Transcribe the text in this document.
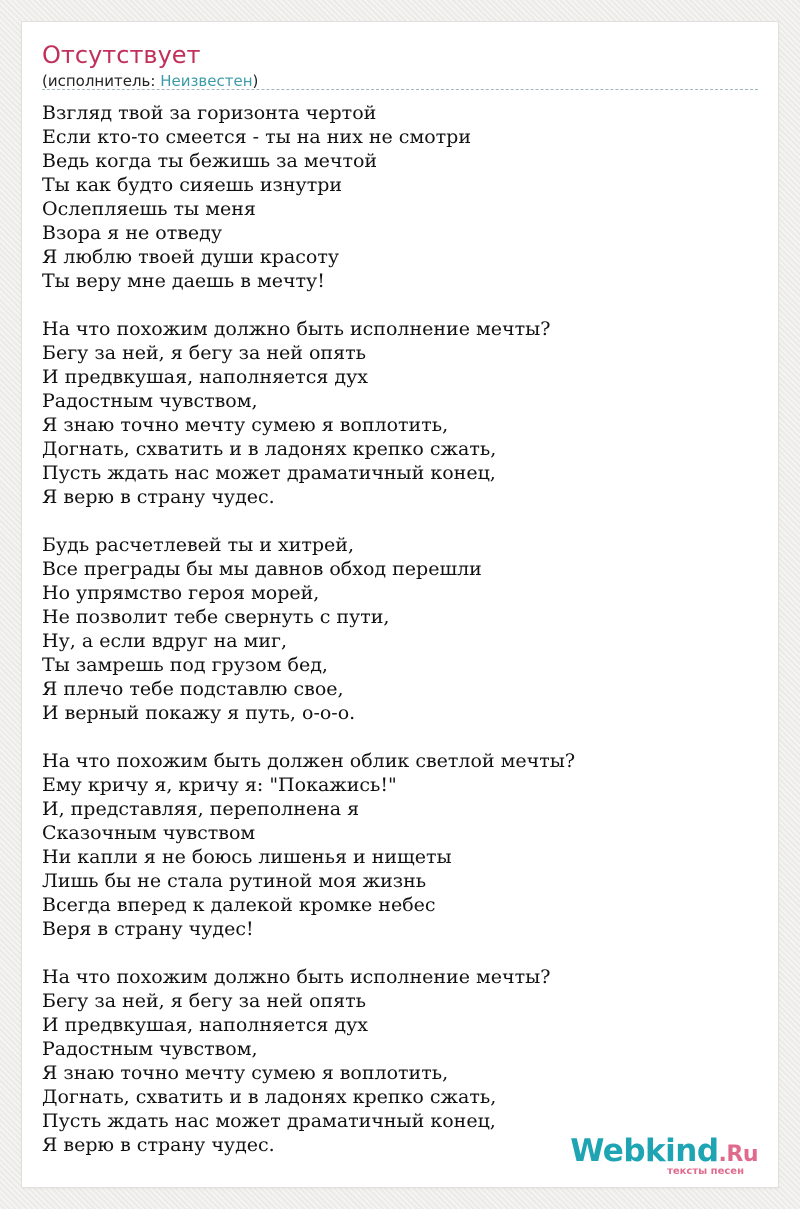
Отсутствует
(исполнитель: Неизвестен)
Взгляд твой за горизонта чертой
Если кто-то смеется - ты на них не смотри
Ведь когда ты бежишь за мечтой
Ты как будто сияешь изнутри
Ослепляешь ты меня
Взора я не отведу
Я люблю твоей души красоту
Ты веру мне даешь в мечту!
На что похожим должно быть исполнение мечты?
Бегу за ней, я бегу за ней опять
И предвкушая, наполняется дух
Радостным чувством,
Я знаю точно мечту сумею я воплотить,
Догнать, схватить и в ладонях крепко сжать,
Пусть ждать нас может драматичный конец,
Я верю в страну чудес.
Будь расчетлевей ты и хитрей,
Все преграды бы мы давнов обход перешли
Но упрямство героя морей,
Не позволит тебе свернуть с пути,
Ну, а если вдруг на миг,
Ты замрешь под грузом бед,
Я плечо тебе подставлю свое,
И верный покажу я путь, о-о-о.
На что похожим быть должен облик светлой мечты?
Ему кричу я, кричу я: "Покажись!"
И, представляя, переполнена я
Сказочным чувством
Ни капли я не боюсь лишенья и нищеты
Лишь бы не стала рутиной моя жизнь
Всегда вперед к далекой кромке небес
Веря в страну чудес!
На что похожим должно быть исполнение мечты?
Бегу за ней, я бегу за ней опять
И предвкушая, наполняется дух
Радостным чувством,
Я знаю точно мечту сумею я воплотить,
Догнать, схватить и в ладонях крепко сжать,
Пусть ждать нас может драматичный конец,
Я верю в страну чудес.	Webkind.Ru
тексты песен
